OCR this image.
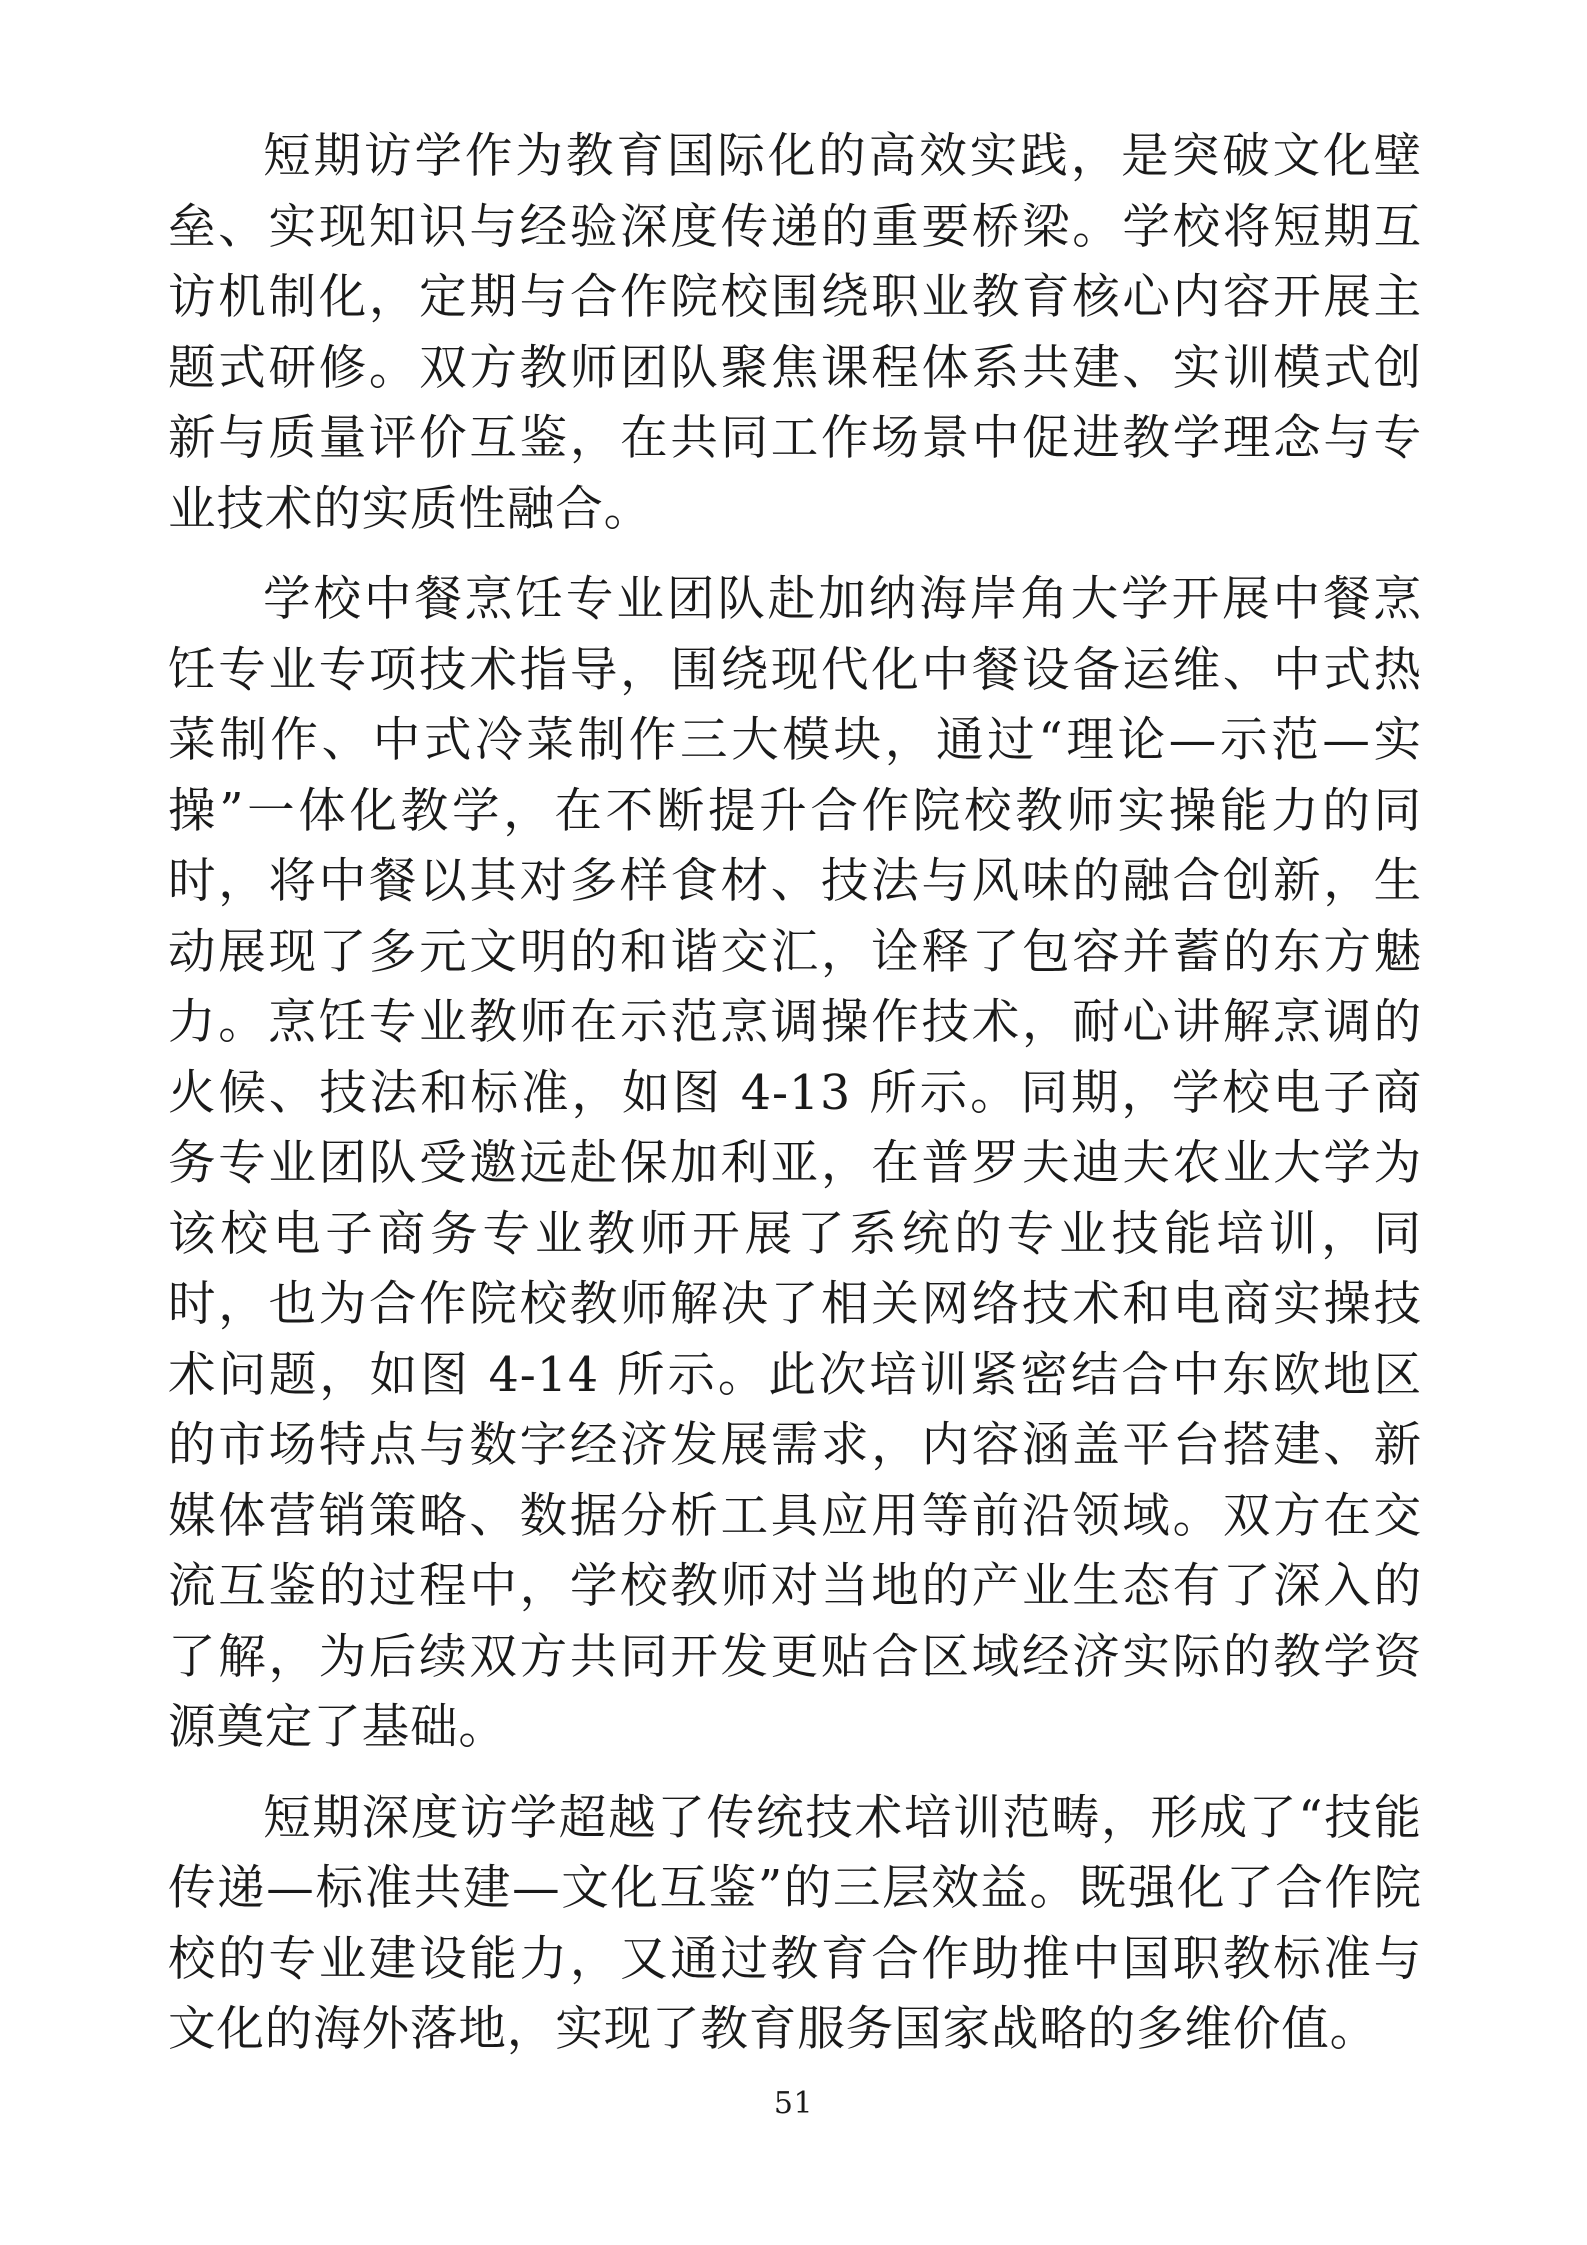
短期访学作为教育国际化的高效实践，是突破文化壁垒、实现知识与经验深度传递的重要桥梁。学校将短期互访机制化，定期与合作院校围绕职业教育核心内容开展主题式研修。双方教师团队聚焦课程体系共建、实训模式创新与质量评价互鉴，在共同工作场景中促进教学理念与专业技术的实质性融合。

学校中餐烹饪专业团队赴加纳海岸角大学开展中餐烹饪专业专项技术指导，围绕现代化中餐设备运维、中式热菜制作、中式冷菜制作三大模块，通过“理论—示范—实操”一体化教学，在不断提升合作院校教师实操能力的同时，将中餐以其对多样食材、技法与风味的融合创新，生动展现了多元文明的和谐交汇，诠释了包容并蓄的东方魅力。烹饪专业教师在示范烹调操作技术，耐心讲解烹调的火候、技法和标准，如图 4-13 所示。同期，学校电子商务专业团队受邀远赴保加利亚，在普罗夫迪夫农业大学为该校电子商务专业教师开展了系统的专业技能培训，同时，也为合作院校教师解决了相关网络技术和电商实操技术问题，如图 4-14 所示。此次培训紧密结合中东欧地区的市场特点与数字经济发展需求，内容涵盖平台搭建、新媒体营销策略、数据分析工具应用等前沿领域。双方在交流互鉴的过程中，学校教师对当地的产业生态有了深入的了解，为后续双方共同开发更贴合区域经济实际的教学资源奠定了基础。

短期深度访学超越了传统技术培训范畴，形成了“技能传递—标准共建—文化互鉴”的三层效益。既强化了合作院校的专业建设能力，又通过教育合作助推中国职教标准与文化的海外落地，实现了教育服务国家战略的多维价值。

51
